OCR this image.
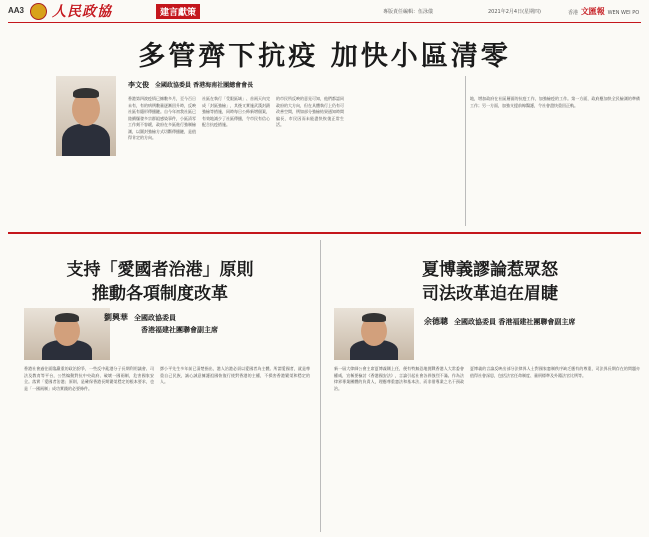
AA3 人民政協	建言獻策	專版責任編輯：伍泳儀	2021年2月4日(星期四)	香港 文匯報 WEN WEI PO
多管齊下抗疫 加快小區清零
李文俊 全國政協委員 香港海南社團總會會長
香港第四波疫情已擁數多月，至今百日未有，有的病例數量逐漸回升時，反映社區有隱形傳播鏈。自今年初我社區已陸續爆發多宗群組感染事件，小區清零工作刻不容緩，政府在多區進行強制檢測，以圍封強檢方式切斷傳播鏈，是值得肯定的方向。
社區在執行「受限區域」、首兩天內完成「封區強檢」，其後又實施武漢封鎖強檢等措施，同時每日公佈新增個案，有效地減少了社區傳播，令市民有信心配合抗疫措施。
的市民所反映的意見可知，他們都認同政府的大方向，但在具體執行上仍有可改善空間，例如部分強檢結果通知時間偏長，市民因而未能盡快恢復正常生活。
地，增加政府在社區層面的抗疫工作，加強檢疫的工作。第一方面，政府應加快全民檢測的準備工作；另一方面，加強支援前線醫護，令社會盡快重回正軌。
支持「愛國者治港」原則
推動各項制度改革
劉興華 全國政協委員
香港福建社團聯會副主席
香港社會過往面臨嚴重的政治紛爭，一些反中亂港分子長期利用議會、司法及教育等平台，公然煽動對抗中央政府、破壞一國兩制，危害國家安全。落實「愛國者治港」原則，是確保香港長期繁榮穩定的根本要求，也是「一國兩制」成功實踐的必要條件。
鄧小平先生多年前已清楚指出，港人治港必須以愛國者為主體。所謂愛國者，就是尊重自己民族，誠心誠意擁護祖國恢復行使對香港的主權，不損害香港繁榮和穩定的人。
夏博義謬論惹眾怒
司法改革迫在眉睫
余德聰 全國政協委員 香港福建社團聯會副主席
新一屆大律師公會主席夏博義剛上任，便有特無恐地挑戰香港人大常委會權威，宣稱要檢討《香港國安法》，言論引起社會各界強烈不滿。作為法律界專業團體的負責人，理應尊重憲法和基本法，而非借專業之名干預政治。
夏博義的言論反映出部分法律界人士對國家憲制秩序缺乏應有的尊重，司法界長期存在的問題亦值得社會深思，包括法官任命制度、量刑標準及外籍法官比例等。
